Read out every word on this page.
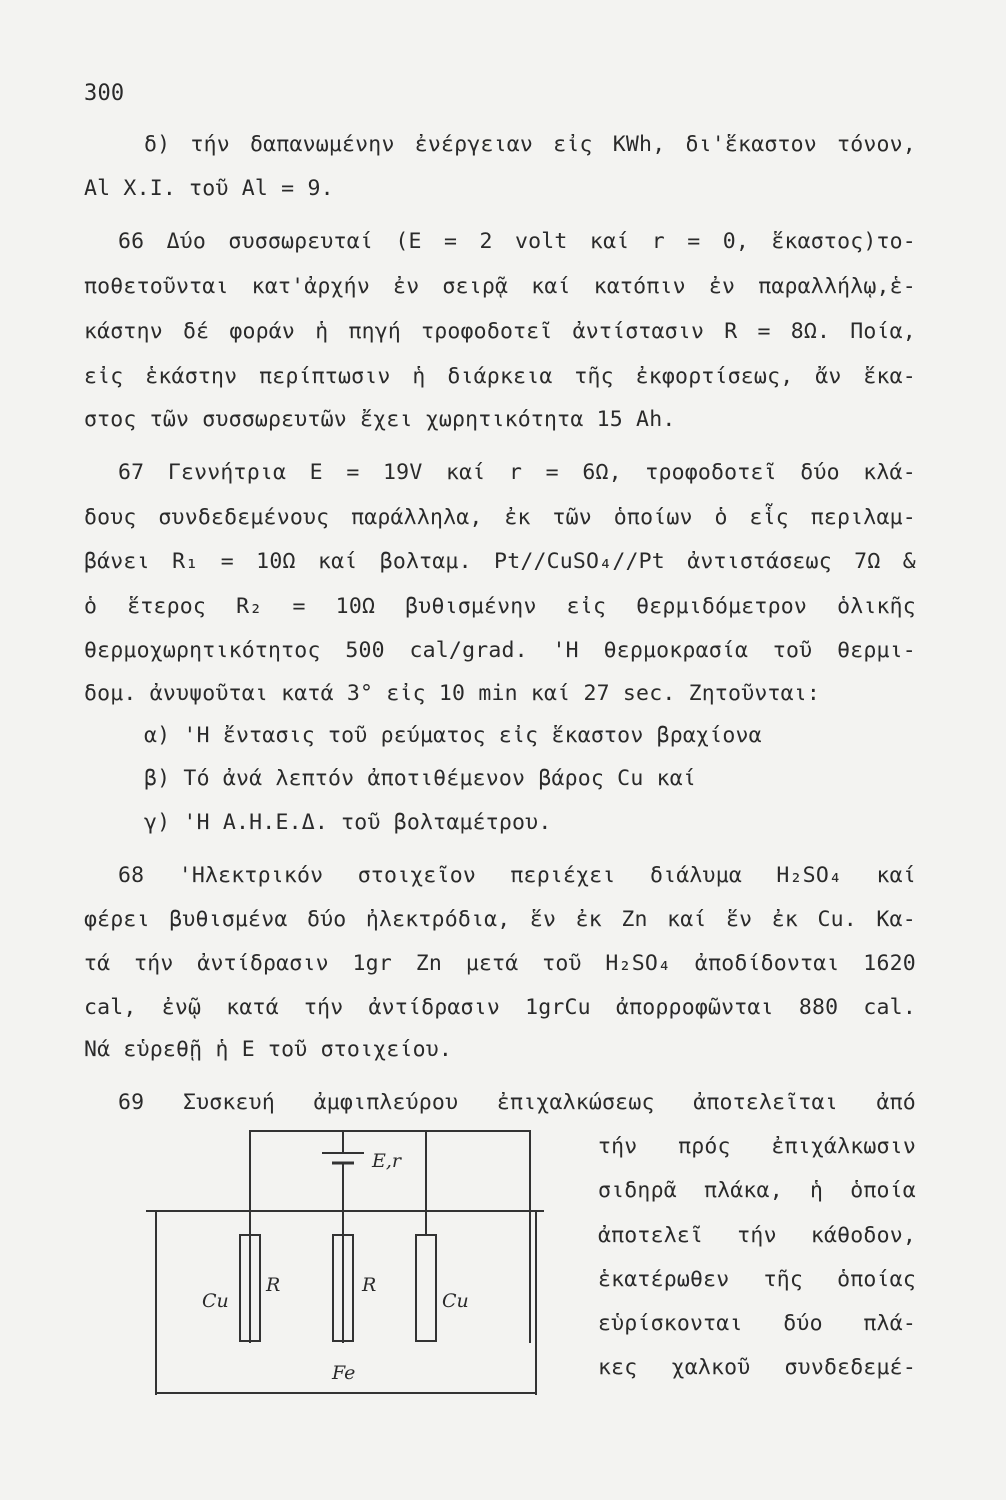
300

δ) τήν δαπανωμένην ἐνέργειαν εἰς KWh, δι'ἕκαστον τόνον,

Al X.I. τοῦ Al = 9.

66 Δύο συσσωρευταί (E = 2 volt καί r = 0, ἕκαστος)το-

ποθετοῦνται κατ'ἀρχήν ἐν σειρᾷ καί κατόπιν ἐν παραλλήλῳ,ἑ-

κάστην δέ φοράν ἡ πηγή τροφοδοτεῖ ἀντίστασιν R = 8Ω. Ποία,

εἰς ἑκάστην περίπτωσιν ἡ διάρκεια τῆς ἐκφορτίσεως, ἄν ἕκα-

στος τῶν συσσωρευτῶν ἔχει χωρητικότητα 15 Ah.

67 Γεννήτρια E = 19V καί r = 6Ω, τροφοδοτεῖ δύο κλά-

δους συνδεδεμένους παράλληλα, ἐκ τῶν ὁποίων ὁ εἷς περιλαμ-

βάνει R₁ = 10Ω καί βολταμ. Pt//CuSO₄//Pt ἀντιστάσεως 7Ω &

ὁ ἕτερος R₂ = 10Ω βυθισμένην εἰς θερμιδόμετρον ὁλικῆς

θερμοχωρητικότητος 500 cal/grad. 'Η θερμοκρασία τοῦ θερμι-

δομ. ἀνυψοῦται κατά 3° εἰς 10 min καί 27 sec. Ζητοῦνται:

α) 'Η ἔντασις τοῦ ρεύματος εἰς ἕκαστον βραχίονα

β) Τό ἀνά λεπτόν ἀποτιθέμενον βάρος Cu καί

γ) 'Η Α.Η.Ε.Δ. τοῦ βολταμέτρου.

68 'Ηλεκτρικόν στοιχεῖον περιέχει διάλυμα H₂SO₄ καί

φέρει βυθισμένα δύο ἠλεκτρόδια, ἕν ἐκ Zn καί ἕν ἐκ Cu. Κα-

τά τήν ἀντίδρασιν 1gr Zn μετά τοῦ H₂SO₄ ἀποδίδονται 1620

cal, ἐνῷ κατά τήν ἀντίδρασιν 1grCu ἀπορροφῶνται 880 cal.

Νά εὑρεθῇ ἡ E τοῦ στοιχείου.

69 Συσκευή ἀμφιπλεύρου ἐπιχαλκώσεως ἀποτελεῖται ἀπό

τήν πρός ἐπιχάλκωσιν

σιδηρᾶ πλάκα, ἡ ὁποία

ἀποτελεῖ τήν κάθοδον,

ἑκατέρωθεν τῆς ὁποίας

εὑρίσκονται δύο πλά-

κες χαλκοῦ συνδεδεμέ-

E,r
Cu
R	R
Cu
Fe
